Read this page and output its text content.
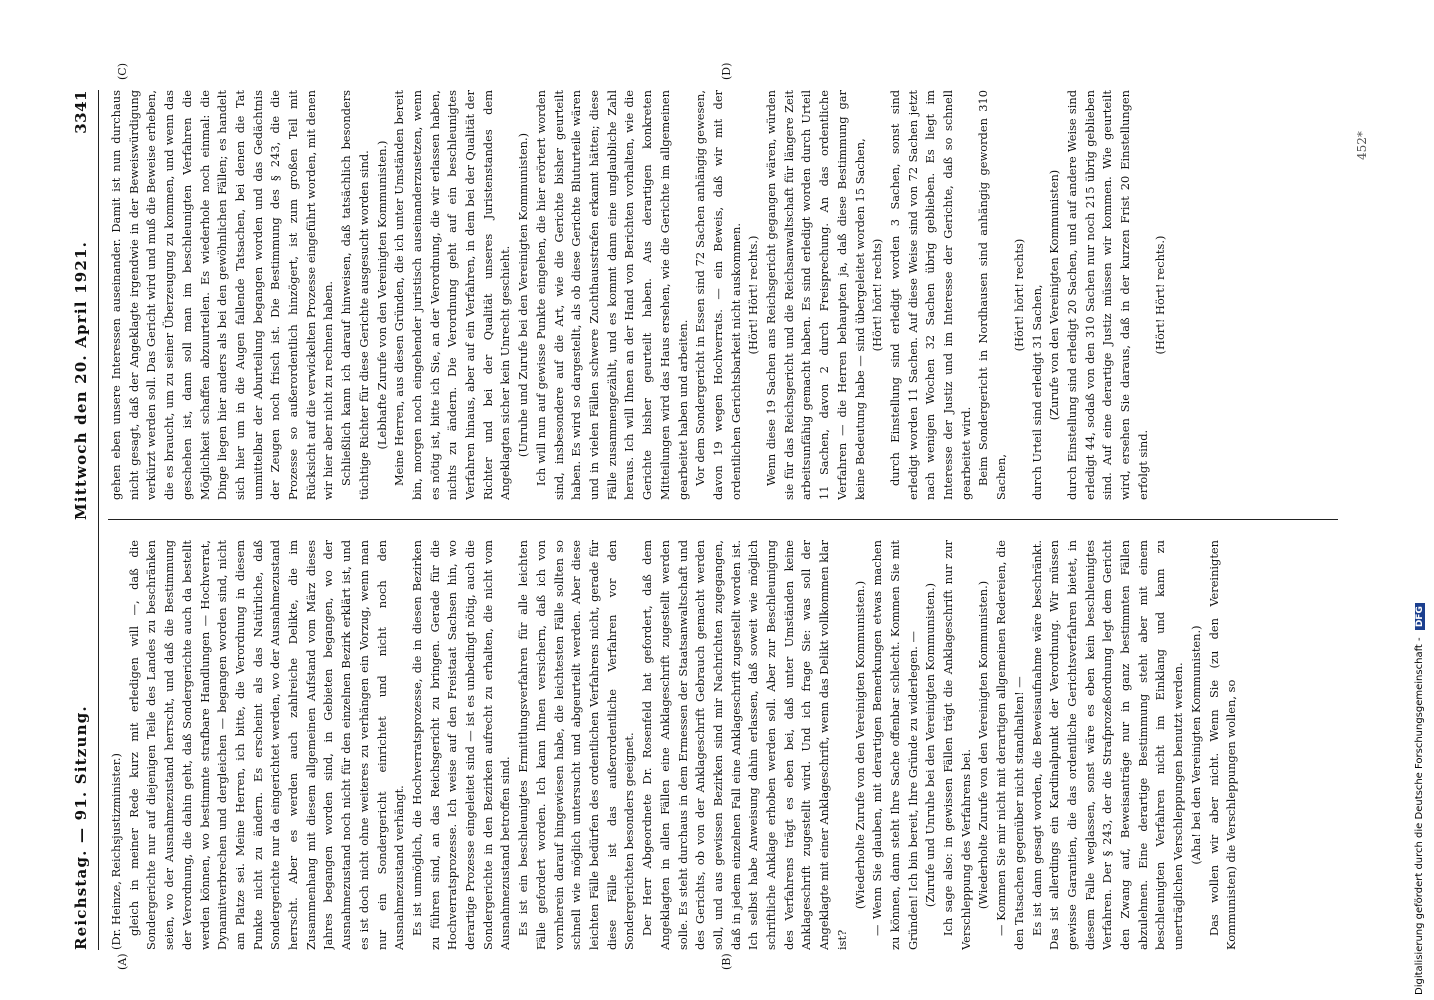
Reichstag. — 91. Sitzung.
Mittwoch den 20. April 1921.
3341
(A)	(B)
(C)	(D)

(Dr. Heinze, Reichsjustizminister.) gleich in meiner Rede kurz mit erledigen will —, daß die Sondergerichte nur auf diejenigen Teile des Landes zu beschränken seien, wo der Ausnahmezustand herrscht, und daß die Bestimmung der Verordnung, die dahin geht, daß Sondergerichte auch da bestellt werden können, wo bestimmte strafbare Handlungen — Hochverrat, Dynamitverbrechen und dergleichen — begangen worden sind, nicht am Platze sei. Meine Herren, ich bitte, die Verordnung in diesem Punkte nicht zu ändern. Es erscheint als das Natürliche, daß Sondergerichte nur da eingerichtet werden, wo der Ausnahmezustand herrscht. Aber es werden auch zahlreiche Delikte, die im Zusammenhang mit diesem allgemeinen Aufstand vom März dieses Jahres begangen worden sind, in Gebieten begangen, wo der Ausnahmezustand noch nicht für den einzelnen Bezirk erklärt ist, und es ist doch nicht ohne weiteres zu verhängen ein Vorzug, wenn man nur ein Sondergericht einrichtet und nicht noch den Ausnahmezustand verhängt. Es ist unmöglich, die Hochverratsprozesse, die in diesen Bezirken zu führen sind, an das Reichsgericht zu bringen. Gerade für die Hochverratsprozesse. Ich weise auf den Freistaat Sachsen hin, wo derartige Prozesse eingeleitet sind — ist es unbedingt nötig, auch die Sondergerichte in den Bezirken aufrecht zu erhalten, die nicht vom Ausnahmezustand betroffen sind. Es ist ein beschleunigtes Ermittlungsverfahren für alle leichten Fälle gefordert worden. Ich kann Ihnen versichern, daß ich von vornherein darauf hingewiesen habe, die leichtesten Fälle sollten so schnell wie möglich untersucht und abgeurteilt werden. Aber diese leichten Fälle bedürfen des ordentlichen Verfahrens nicht, gerade für diese Fälle ist das außerordentliche Verfahren vor den Sondergerichten besonders geeignet. Der Herr Abgeordnete Dr. Rosenfeld hat gefordert, daß dem Angeklagten in allen Fällen eine Anklageschrift zugestellt werden solle. Es steht durchaus in dem Ermessen der Staatsanwaltschaft und des Gerichts, ob von der Anklageschrift Gebrauch gemacht werden soll, und aus gewissen Bezirken sind mir Nachrichten zugegangen, daß in jedem einzelnen Fall eine Anklageschrift zugestellt worden ist. Ich selbst habe Anweisung dahin erlassen, daß soweit wie möglich schriftliche Anklage erhoben werden soll. Aber zur Beschleunigung des Verfahrens trägt es eben bei, daß unter Umständen keine Anklageschrift zugestellt wird. Und ich frage Sie: was soll der Angeklagte mit einer Anklageschrift, wenn das Delikt vollkommen klar ist?

(Wiederholte Zurufe von den Vereinigten Kommunisten.) — Wenn Sie glauben, mit derartigen Bemerkungen etwas machen zu können, dann steht Ihre Sache offenbar schlecht. Kommen Sie mit Gründen! Ich bin bereit, Ihre Gründe zu widerlegen. — (Zurufe und Unruhe bei den Vereinigten Kommunisten.) Ich sage also: in gewissen Fällen trägt die Anklageschrift nur zur Verschleppung des Verfahrens bei. (Wiederholte Zurufe von den Vereinigten Kommunisten.) — Kommen Sie mir nicht mit derartigen allgemeinen Redereien, die den Tatsachen gegenüber nicht standhalten! — Es ist dann gesagt worden, die Beweisaufnahme wäre beschränkt. Das ist allerdings ein Kardinalpunkt der Verordnung. Wir müssen gewisse Garantien, die das ordentliche Gerichtsverfahren bietet, in diesem Falle weglassen, sonst wäre es eben kein beschleunigtes Verfahren. Der § 243, der die Strafprozeßordnung legt dem Gericht den Zwang auf, Beweisanträge nur in ganz bestimmten Fällen abzulehnen. Eine derartige Bestimmung steht aber mit einem beschleunigten Verfahren nicht im Einklang und kann zu unerträglichen Verschleppungen benutzt werden. (Aha! bei den Vereinigten Kommunisten.) Das wollen wir aber nicht. Wenn Sie (zu den Vereinigten Kommunisten) die Verschleppungen wollen, so

gehen eben unsere Interessen auseinander. Damit ist nun durchaus nicht gesagt, daß der Angeklagte irgendwie in der Beweiswürdigung verkürzt werden soll. Das Gericht wird und muß die Beweise erheben, die es braucht, um zu seiner Überzeugung zu kommen, und wenn das geschehen ist, dann soll man im beschleunigten Verfahren die Möglichkeit schaffen abzuurteilen. Es wiederhole noch einmal: die Dinge liegen hier anders als bei den gewöhnlichen Fällen; es handelt sich hier um in die Augen fallende Tatsachen, bei denen die Tat unmittelbar der Aburteilung begangen worden und das Gedächtnis der Zeugen noch frisch ist. Die Bestimmung des § 243, die die Prozesse so außerordentlich hinzögert, ist zum großen Teil mit Rücksicht auf die verwickelten Prozesse eingeführt worden, mit denen wir hier aber nicht zu rechnen haben. Schließlich kann ich darauf hinweisen, daß tatsächlich besonders tüchtige Richter für diese Gerichte ausgesucht worden sind. (Lebhafte Zurufe von den Vereinigten Kommunisten.) Meine Herren, aus diesen Gründen, die ich unter Umständen bereit bin, morgen noch eingehender juristisch auseinanderzusetzen, wenn es nötig ist, bitte ich Sie, an der Verordnung, die wir erlassen haben, nichts zu ändern. Die Verordnung geht auf ein beschleunigtes Verfahren hinaus, aber auf ein Verfahren, in dem bei der Qualität der Richter und bei der Qualität unseres Juristenstandes dem Angeklagten sicher kein Unrecht geschieht. (Unruhe und Zurufe bei den Vereinigten Kommunisten.) Ich will nun auf gewisse Punkte eingehen, die hier erörtert worden sind, insbesondere auf die Art, wie die Gerichte bisher geurteilt haben. Es wird so dargestellt, als ob diese Gerichte Bluturteile wären und in vielen Fällen schwere Zuchthausstrafen erkannt hätten; diese Fälle zusammengezählt, und es kommt dann eine unglaubliche Zahl heraus. Ich will Ihnen an der Hand von Berichten vorhalten, wie die Gerichte bisher geurteilt haben. Aus derartigen konkreten Mitteilungen wird das Haus ersehen, wie die Gerichte im allgemeinen gearbeitet haben und arbeiten. Vor dem Sondergericht in Essen sind 72 Sachen anhängig gewesen, davon 19 wegen Hochverrats. — ein Beweis, daß wir mit der ordentlichen Gerichtsbarkeit nicht auskommen. (Hört! Hört! rechts.) Wenn diese 19 Sachen ans Reichsgericht gegangen wären, würden sie für das Reichsgericht und die Reichsanwaltschaft für längere Zeit arbeitsunfähig gemacht haben. Es sind erledigt worden durch Urteil 11 Sachen, davon 2 durch Freisprechung. An das ordentliche Verfahren — die Herren behaupten ja, daß diese Bestimmung gar keine Bedeutung habe — sind übergeleitet worden 15 Sachen, (Hört! hört! rechts) durch Einstellung sind erledigt worden 3 Sachen, sonst sind erledigt worden 11 Sachen. Auf diese Weise sind von 72 Sachen jetzt nach wenigen Wochen 32 Sachen übrig geblieben. Es liegt im Interesse der Justiz und im Interesse der Gerichte, daß so schnell gearbeitet wird. Beim Sondergericht in Nordhausen sind anhängig geworden 310 Sachen,

(Hört! hört! rechts) durch Urteil sind erledigt 31 Sachen, (Zurufe von den Vereinigten Kommunisten) durch Einstellung sind erledigt 20 Sachen, und auf andere Weise sind erledigt 44, sodaß von den 310 Sachen nur noch 215 übrig geblieben sind. Auf eine derartige Justiz müssen wir kommen. Wie geurteilt wird, ersehen Sie daraus, daß in der kurzen Frist 20 Einstellungen erfolgt sind.

(Hört! Hört! rechts.)

452*
Digitalisierung gefördert durch die Deutsche Forschungsgemeinschaft - DFG
